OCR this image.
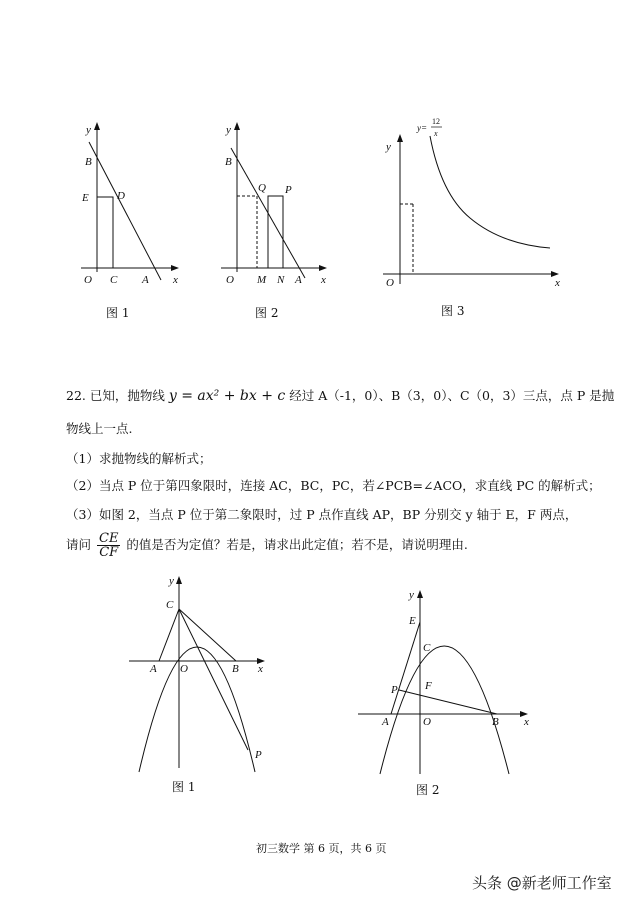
y
B
E	D
O C A x
图 1
y
B
Q P
O M N A x
图 2
y
y=
12
x
O	x
图 3
22. 已知，抛物线 y = ax² + bx + c 经过 A（-1，0）、B（3，0）、C（0，3）三点，点 P 是抛
物线上一点.
（1）求抛物线的解析式；
（2）当点 P 位于第四象限时，连接 AC，BC，PC，若∠PCB=∠ACO，求直线 PC 的解析式；
（3）如图 2，当点 P 位于第二象限时，过 P 点作直线 AP，BP 分别交 y 轴于 E，F 两点，
请问 $\frac{CE}{CF}$ 的值是否为定值？若是，请求出此定值；若不是，请说明理由.
y
C
A O	B x
P
图 1
y
E
C
P F
A	O	B x
图 2
初三数学 第 6 页，共 6 页
头条 @新老师工作室
